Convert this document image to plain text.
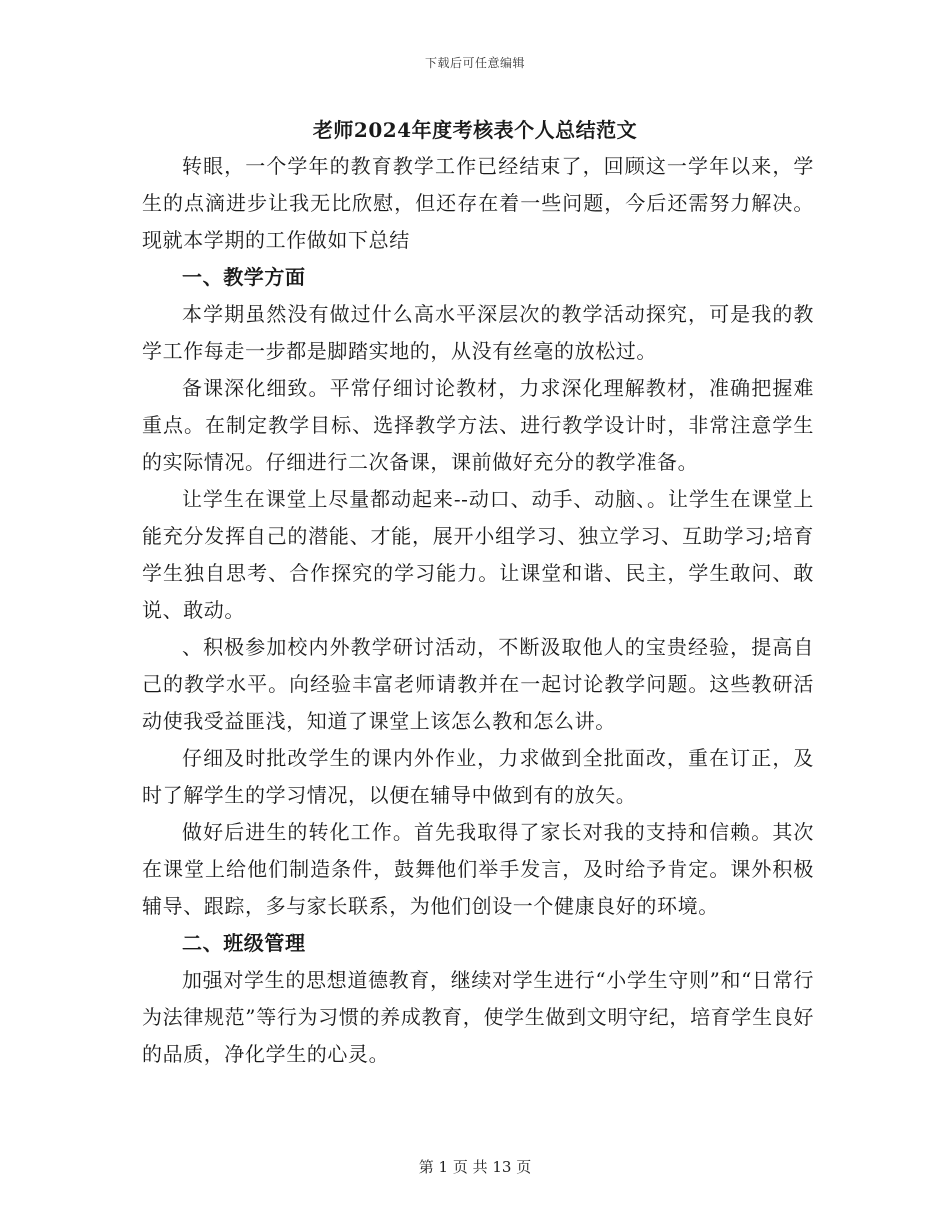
下载后可任意编辑
老师2024年度考核表个人总结范文

转眼，一个学年的教育教学工作已经结束了，回顾这一学年以来，学生的点滴进步让我无比欣慰，但还存在着一些问题，今后还需努力解决。现就本学期的工作做如下总结

一、教学方面

本学期虽然没有做过什么高水平深层次的教学活动探究，可是我的教学工作每走一步都是脚踏实地的，从没有丝毫的放松过。

备课深化细致。平常仔细讨论教材，力求深化理解教材，准确把握难重点。在制定教学目标、选择教学方法、进行教学设计时，非常注意学生的实际情况。仔细进行二次备课，课前做好充分的教学准备。

让学生在课堂上尽量都动起来--动口、动手、动脑、。让学生在课堂上能充分发挥自己的潜能、才能，展开小组学习、独立学习、互助学习;培育学生独自思考、合作探究的学习能力。让课堂和谐、民主，学生敢问、敢说、敢动。

、积极参加校内外教学研讨活动，不断汲取他人的宝贵经验，提高自己的教学水平。向经验丰富老师请教并在一起讨论教学问题。这些教研活动使我受益匪浅，知道了课堂上该怎么教和怎么讲。

仔细及时批改学生的课内外作业，力求做到全批面改，重在订正，及时了解学生的学习情况，以便在辅导中做到有的放矢。

做好后进生的转化工作。首先我取得了家长对我的支持和信赖。其次在课堂上给他们制造条件，鼓舞他们举手发言，及时给予肯定。课外积极辅导、跟踪，多与家长联系，为他们创设一个健康良好的环境。

二、班级管理

加强对学生的思想道德教育，继续对学生进行“小学生守则”和“日常行为法律规范”等行为习惯的养成教育，使学生做到文明守纪，培育学生良好的品质，净化学生的心灵。

第 1 页 共 13 页
